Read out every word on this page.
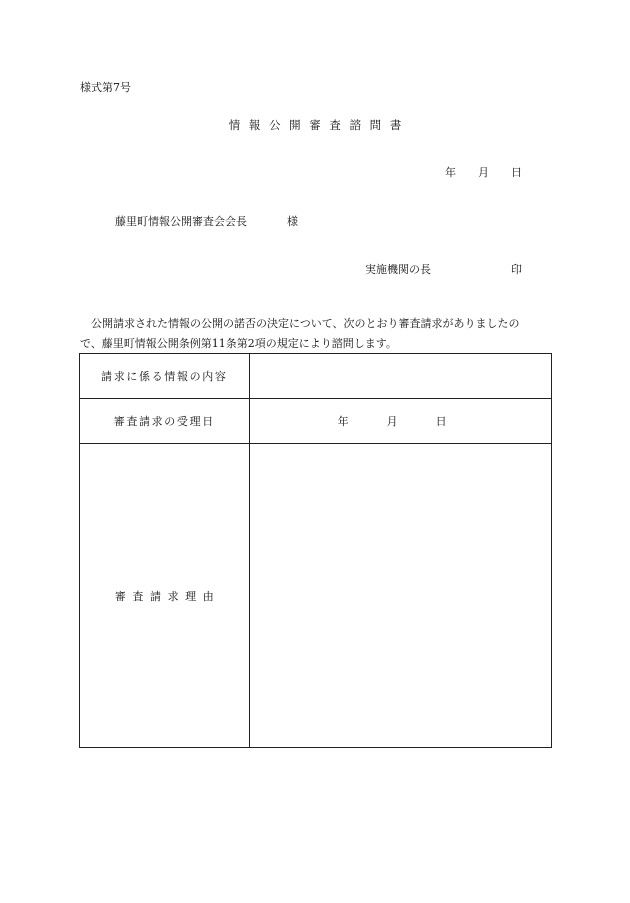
様式第7号
情報公開審査諮問書
年 月 日
藤里町情報公開審査会会長	様
実施機関の長	印
　公開請求された情報の公開の諾否の決定について、次のとおり審査請求がありましたの
で、藤里町情報公開条例第11条第2項の規定により諮問します。
請求に係る情報の内容	
審査請求の受理日	年 月 日
審査請求理由	
